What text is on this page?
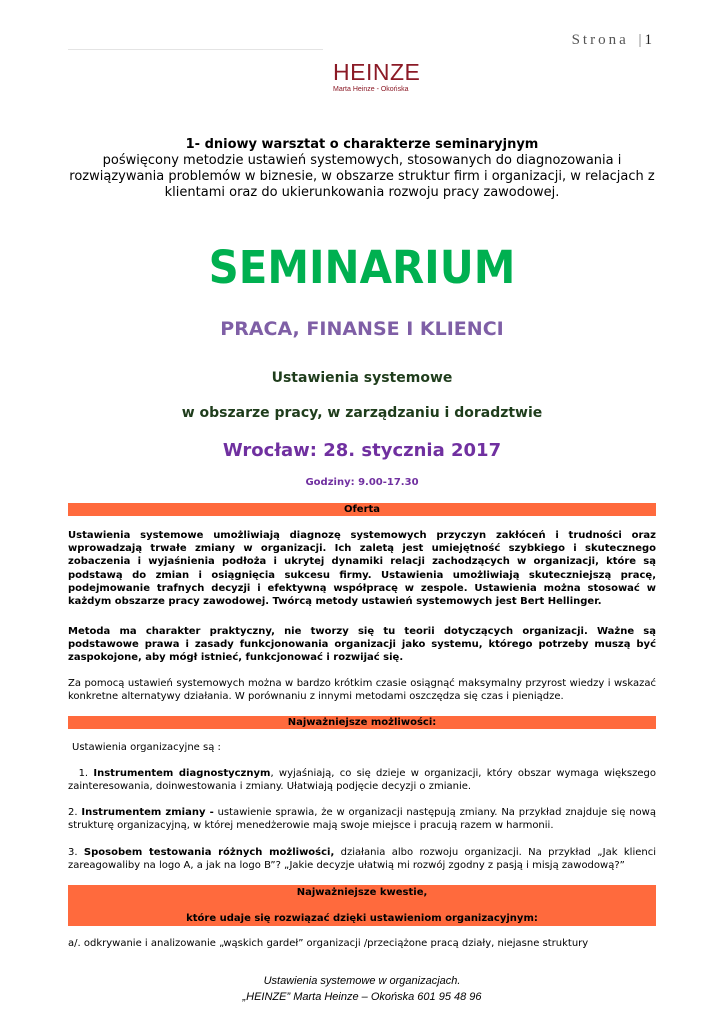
Strona | 1
HEINZE
Marta Heinze - Okońska
1- dniowy warsztat o charakterze seminaryjnym
poświęcony metodzie ustawień systemowych, stosowanych do diagnozowania i rozwiązywania problemów w biznesie, w obszarze struktur firm i organizacji, w relacjach z klientami oraz do ukierunkowania rozwoju pracy zawodowej.
SEMINARIUM
PRACA, FINANSE I KLIENCI
Ustawienia systemowe
w obszarze pracy, w zarządzaniu i doradztwie
Wrocław: 28. stycznia 2017
Godziny: 9.00-17.30
Oferta
Ustawienia systemowe umożliwiają diagnozę systemowych przyczyn zakłóceń i trudności oraz wprowadzają trwałe zmiany w organizacji. Ich zaletą jest umiejętność szybkiego i skutecznego zobaczenia i wyjaśnienia podłoża i ukrytej dynamiki relacji zachodzących w organizacji, które są podstawą do zmian i osiągnięcia sukcesu firmy. Ustawienia umożliwiają skuteczniejszą pracę, podejmowanie trafnych decyzji i efektywną współpracę w zespole. Ustawienia można stosować w każdym obszarze pracy zawodowej. Twórcą metody ustawień systemowych jest Bert Hellinger.
Metoda ma charakter praktyczny, nie tworzy się tu teorii dotyczących organizacji. Ważne są podstawowe prawa i zasady funkcjonowania organizacji jako systemu, którego potrzeby muszą być zaspokojone, aby mógł istnieć, funkcjonować i rozwijać się.
Za pomocą ustawień systemowych można w bardzo krótkim czasie osiągnąć maksymalny przyrost wiedzy i wskazać konkretne alternatywy działania. W porównaniu z innymi metodami oszczędza się czas i pieniądze.
Najważniejsze możliwości:
Ustawienia organizacyjne są :
1. Instrumentem diagnostycznym, wyjaśniają, co się dzieje w organizacji, który obszar wymaga większego zainteresowania, doinwestowania i zmiany. Ułatwiają podjęcie decyzji o zmianie.
2. Instrumentem zmiany - ustawienie sprawia, że w organizacji następują zmiany. Na przykład znajduje się nową strukturę organizacyjną, w której menedżerowie mają swoje miejsce i pracują razem w harmonii.
3. Sposobem testowania różnych możliwości, działania albo rozwoju organizacji. Na przykład „Jak klienci zareagowaliby na logo A, a jak na logo B”? „Jakie decyzje ułatwią mi rozwój zgodny z pasją i misją zawodową?”
Najważniejsze kwestie,
które udaje się rozwiązać dzięki ustawieniom organizacyjnym:
a/. odkrywanie i analizowanie „wąskich gardeł” organizacji /przeciążone pracą działy, niejasne struktury
Ustawienia systemowe w organizacjach.
„HEINZE” Marta Heinze – Okońska 601 95 48 96
